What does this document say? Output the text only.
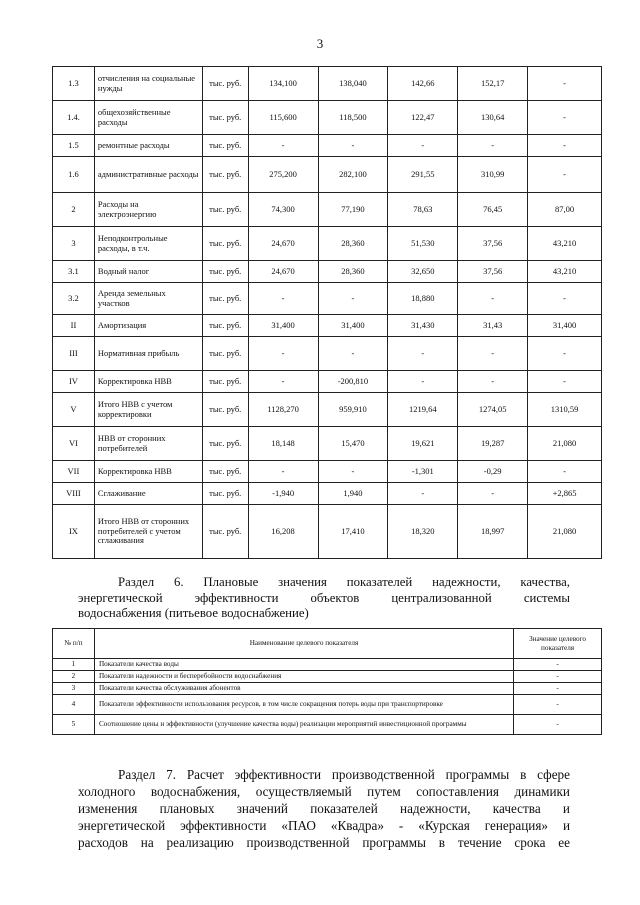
3
1.3	отчисления на социальные нужды	тыс. руб.	134,100	138,040	142,66	152,17	-
1.4.	общехозяйственные расходы	тыс. руб.	115,600	118,500	122,47	130,64	-
1.5	ремонтные расходы	тыс. руб.	-	-	-	-	-
1.6	административные расходы	тыс. руб.	275,200	282,100	291,55	310,99	-
2	Расходы на электроэнергию	тыс. руб.	74,300	77,190	78,63	76,45	87,00
3	Неподконтрольные расходы, в т.ч.	тыс. руб.	24,670	28,360	51,530	37,56	43,210
3.1	Водный налог	тыс. руб.	24,670	28,360	32,650	37,56	43,210
3.2	Аренда земельных участков	тыс. руб.	-	-	18,880	-	-
II	Амортизация	тыс. руб.	31,400	31,400	31,430	31,43	31,400
III	Нормативная прибыль	тыс. руб.	-	-	-	-	-
IV	Корректировка НВВ	тыс. руб.	-	-200,810	-	-	-
V	Итого НВВ с учетом корректировки	тыс. руб.	1128,270	959,910	1219,64	1274,05	1310,59
VI	НВВ от сторонних потребителей	тыс. руб.	18,148	15,470	19,621	19,287	21,080
VII	Корректировка НВВ	тыс. руб.	-	-	-1,301	-0,29	-
VIII	Сглаживание	тыс. руб.	-1,940	1,940	-	-	+2,865
IX	Итого НВВ от сторонних потребителей с учетом сглаживания	тыс. руб.	16,208	17,410	18,320	18,997	21,080
Раздел 6. Плановые значения показателей надежности, качества,
энергетической эффективности объектов централизованной системы
водоснабжения (питьевое водоснабжение)
№ п/п	Наименование целевого показателя	Значение целевого показателя
1	Показатели качества воды	-
2	Показатели надежности и бесперебойности водоснабжения	-
3	Показатели качества обслуживания абонентов	-
4	Показатели эффективности использования ресурсов, в том числе сокращения потерь воды при транспортировке	-
5	Соотношение цены и эффективности (улучшение качества воды) реализации мероприятий инвестиционной программы	-
Раздел 7. Расчет эффективности производственной программы в сфере
холодного водоснабжения, осуществляемый путем сопоставления динамики
изменения плановых значений показателей надежности, качества и
энергетической эффективности «ПАО «Квадра» - «Курская генерация» и
расходов на реализацию производственной программы в течение срока ее
